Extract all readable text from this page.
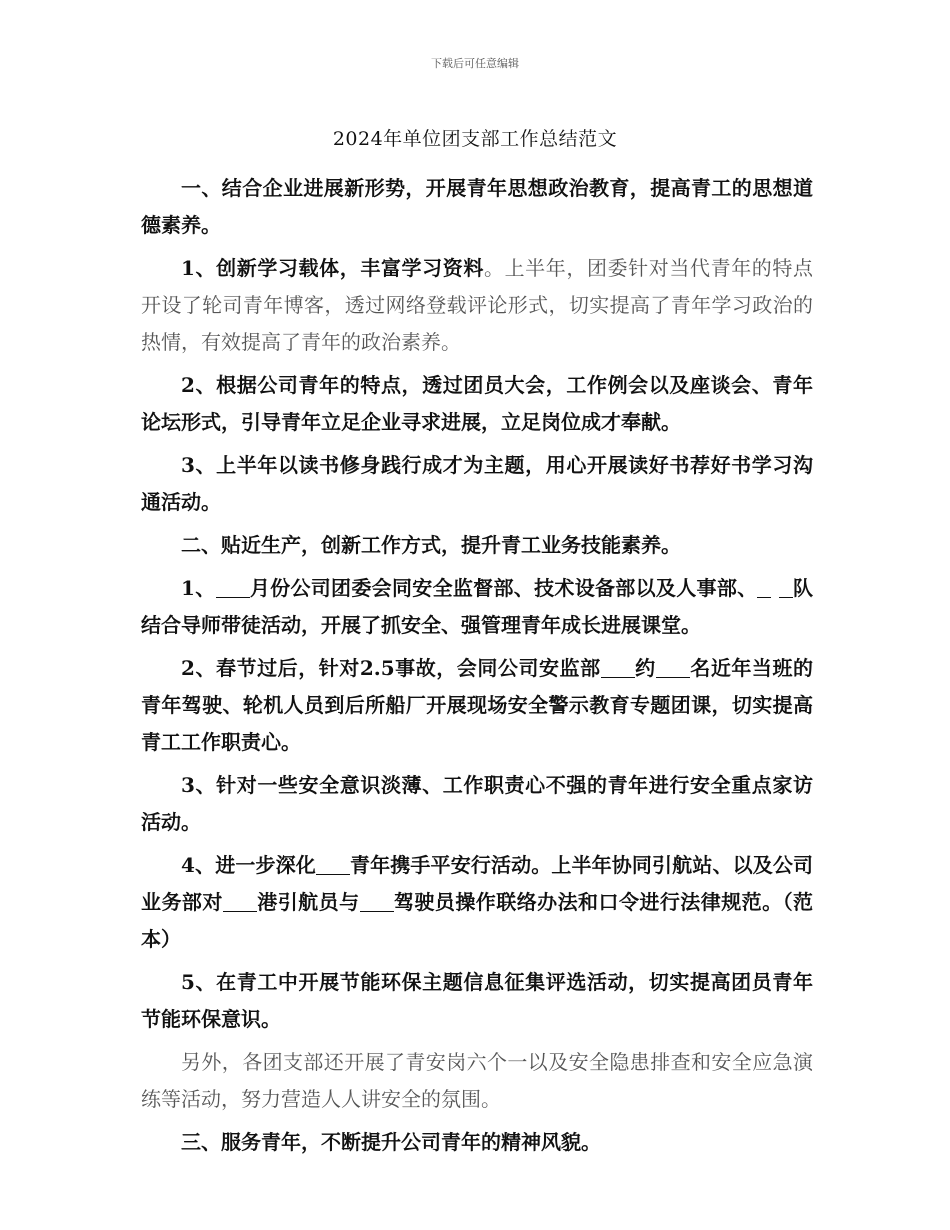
下载后可任意编辑
2024年单位团支部工作总结范文

一、结合企业进展新形势，开展青年思想政治教育，提高青工的思想道德素养。

1、创新学习载体，丰富学习资料。上半年，团委针对当代青年的特点开设了轮司青年博客，透过网络登载评论形式，切实提高了青年学习政治的热情，有效提高了青年的政治素养。

2、根据公司青年的特点，透过团员大会，工作例会以及座谈会、青年论坛形式，引导青年立足企业寻求进展，立足岗位成才奉献。

3、上半年以读书修身践行成才为主题，用心开展读好书荐好书学习沟通活动。

二、贴近生产，创新工作方式，提升青工业务技能素养。

1、 月份公司团委会同安全监督部、技术设备部以及人事部、 队结合导师带徒活动，开展了抓安全、强管理青年成长进展课堂。

2、春节过后，针对2.5事故，会同公司安监部 约 名近年当班的青年驾驶、轮机人员到后所船厂开展现场安全警示教育专题团课，切实提高青工工作职责心。

3、针对一些安全意识淡薄、工作职责心不强的青年进行安全重点家访活动。

4、进一步深化 青年携手平安行活动。上半年协同引航站、以及公司业务部对 港引航员与 驾驶员操作联络办法和口令进行法律规范。（范本）

5、在青工中开展节能环保主题信息征集评选活动，切实提高团员青年节能环保意识。

另外，各团支部还开展了青安岗六个一以及安全隐患排查和安全应急演练等活动，努力营造人人讲安全的氛围。

三、服务青年，不断提升公司青年的精神风貌。
